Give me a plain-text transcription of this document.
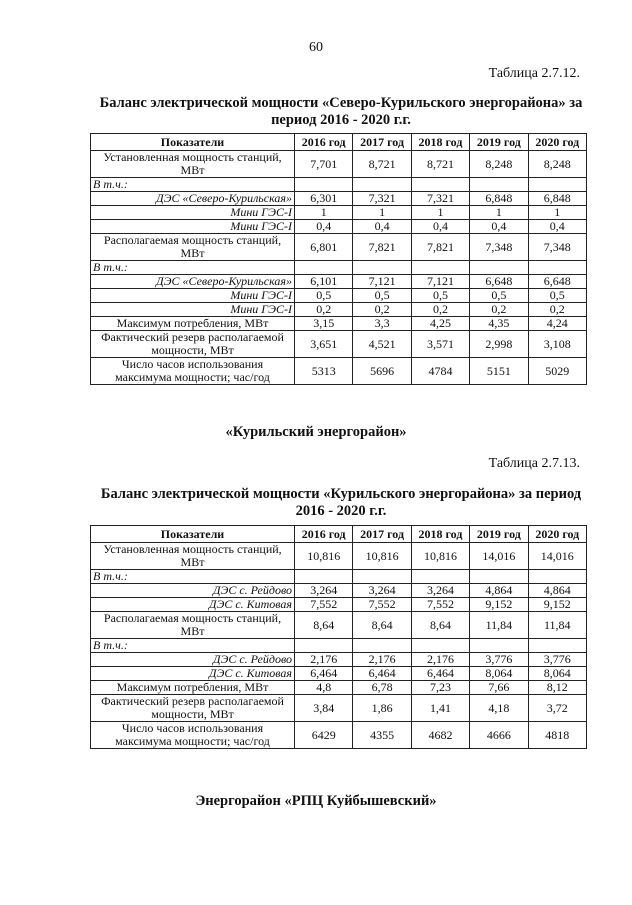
60
Таблица 2.7.12.
Баланс электрической мощности «Северо-Курильского энергорайона» за период 2016 - 2020 г.г.
Показатели	2016 год	2017 год	2018 год	2019 год	2020 год
Установленная мощность станций, МВт	7,701	8,721	8,721	8,248	8,248
В т.ч.:					
ДЭС «Северо-Курильская»	6,301	7,321	7,321	6,848	6,848
Мини ГЭС-I	1	1	1	1	1
Мини ГЭС-I	0,4	0,4	0,4	0,4	0,4
Располагаемая мощность станций, МВт	6,801	7,821	7,821	7,348	7,348
В т.ч.:					
ДЭС «Северо-Курильская»	6,101	7,121	7,121	6,648	6,648
Мини ГЭС-I	0,5	0,5	0,5	0,5	0,5
Мини ГЭС-I	0,2	0,2	0,2	0,2	0,2
Максимум потребления, МВт	3,15	3,3	4,25	4,35	4,24
Фактический резерв располагаемой мощности, МВт	3,651	4,521	3,571	2,998	3,108
Число часов использования максимума мощности; час/год	5313	5696	4784	5151	5029
«Курильский энергорайон»
Таблица 2.7.13.
Баланс электрической мощности «Курильского энергорайона» за период 2016 - 2020 г.г.
Показатели	2016 год	2017 год	2018 год	2019 год	2020 год
Установленная мощность станций, МВт	10,816	10,816	10,816	14,016	14,016
В т.ч.:					
ДЭС с. Рейдово	3,264	3,264	3,264	4,864	4,864
ДЭС с. Китовая	7,552	7,552	7,552	9,152	9,152
Располагаемая мощность станций, МВт	8,64	8,64	8,64	11,84	11,84
В т.ч.:					
ДЭС с. Рейдово	2,176	2,176	2,176	3,776	3,776
ДЭС с. Китовая	6,464	6,464	6,464	8,064	8,064
Максимум потребления, МВт	4,8	6,78	7,23	7,66	8,12
Фактический резерв располагаемой мощности, МВт	3,84	1,86	1,41	4,18	3,72
Число часов использования максимума мощности; час/год	6429	4355	4682	4666	4818
Энергорайон «РПЦ Куйбышевский»
